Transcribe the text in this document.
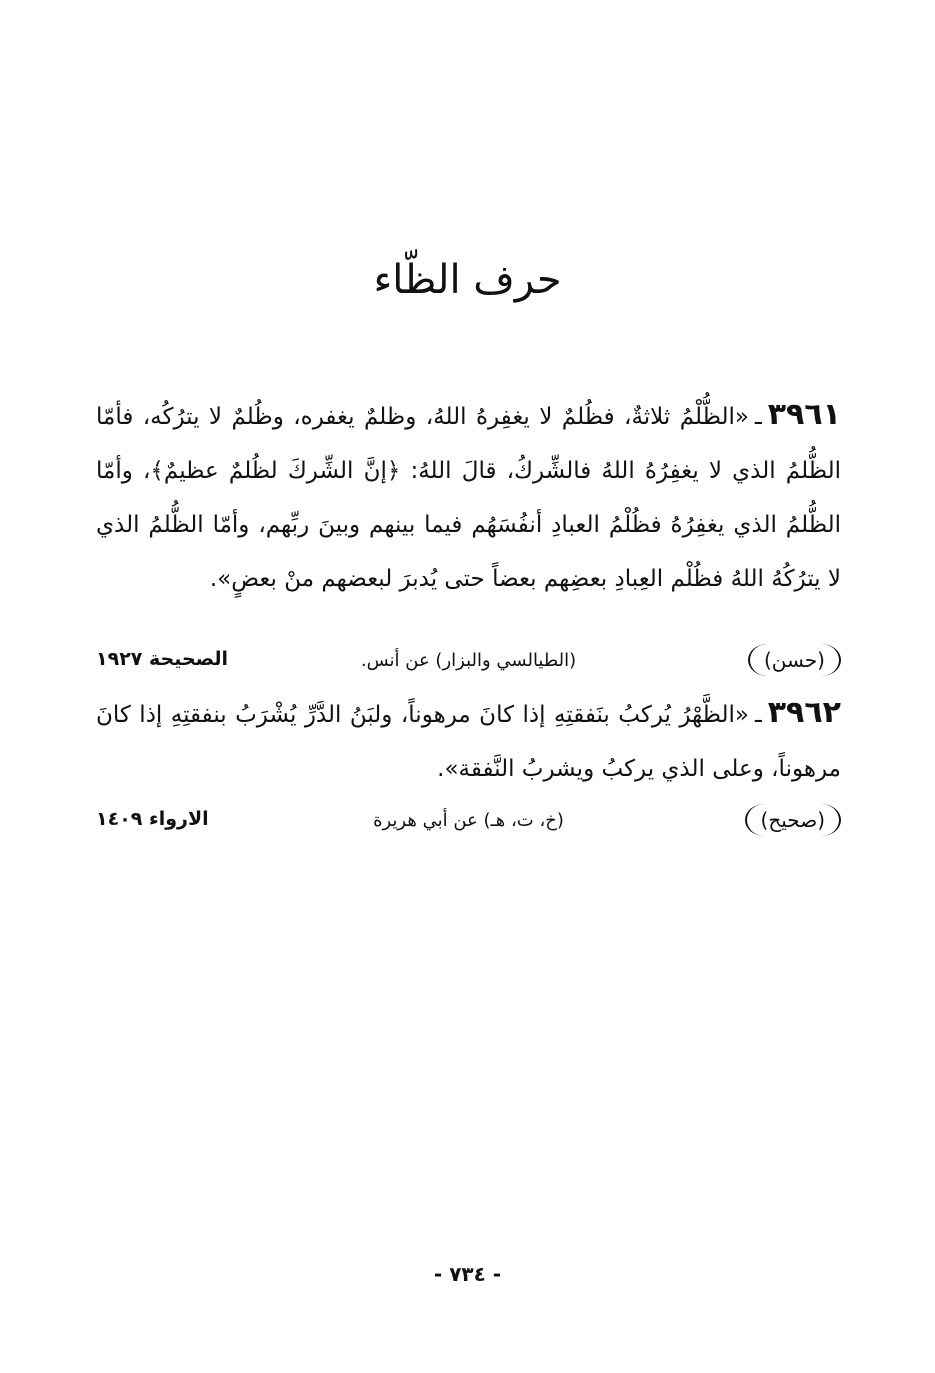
حرف الظّاء
٣٩٦١ـ«الظُّلْمُ ثلاثةٌ، فظُلمٌ لا يغفِرهُ اللهُ، وظلمٌ يغفره، وظُلمٌ لا يترُكُه، فأمّا الظُّلمُ الذي لا يغفِرُهُ اللهُ فالشِّركُ، قالَ اللهُ: ﴿إنَّ الشِّركَ لظُلمٌ عظيمٌ﴾، وأمّا الظُّلمُ الذي يغفِرُهُ فظُلْمُ العبادِ أنفُسَهُم فيما بينهم وبينَ ربِّهم، وأمّا الظُّلمُ الذي لا يترُكُهُ اللهُ فظُلْم العِبادِ بعضِهم بعضاً حتى يُدبرَ لبعضهم منْ بعضٍ».
(حسن)
(الطيالسي والبزار) عن أنس.
الصحيحة ١٩٢٧
٣٩٦٢ـ«الظَّهْرُ يُركبُ بنَفقتِهِ إذا كانَ مرهوناً، ولبَنُ الدَّرِّ يُشْرَبُ بنفقتِهِ إذا كانَ مرهوناً، وعلى الذي يركبُ ويشربُ النَّفقة».
(صحيح)
(خ، ت، هـ) عن أبي هريرة
الارواء ١٤٠٩
- ٧٣٤ -
